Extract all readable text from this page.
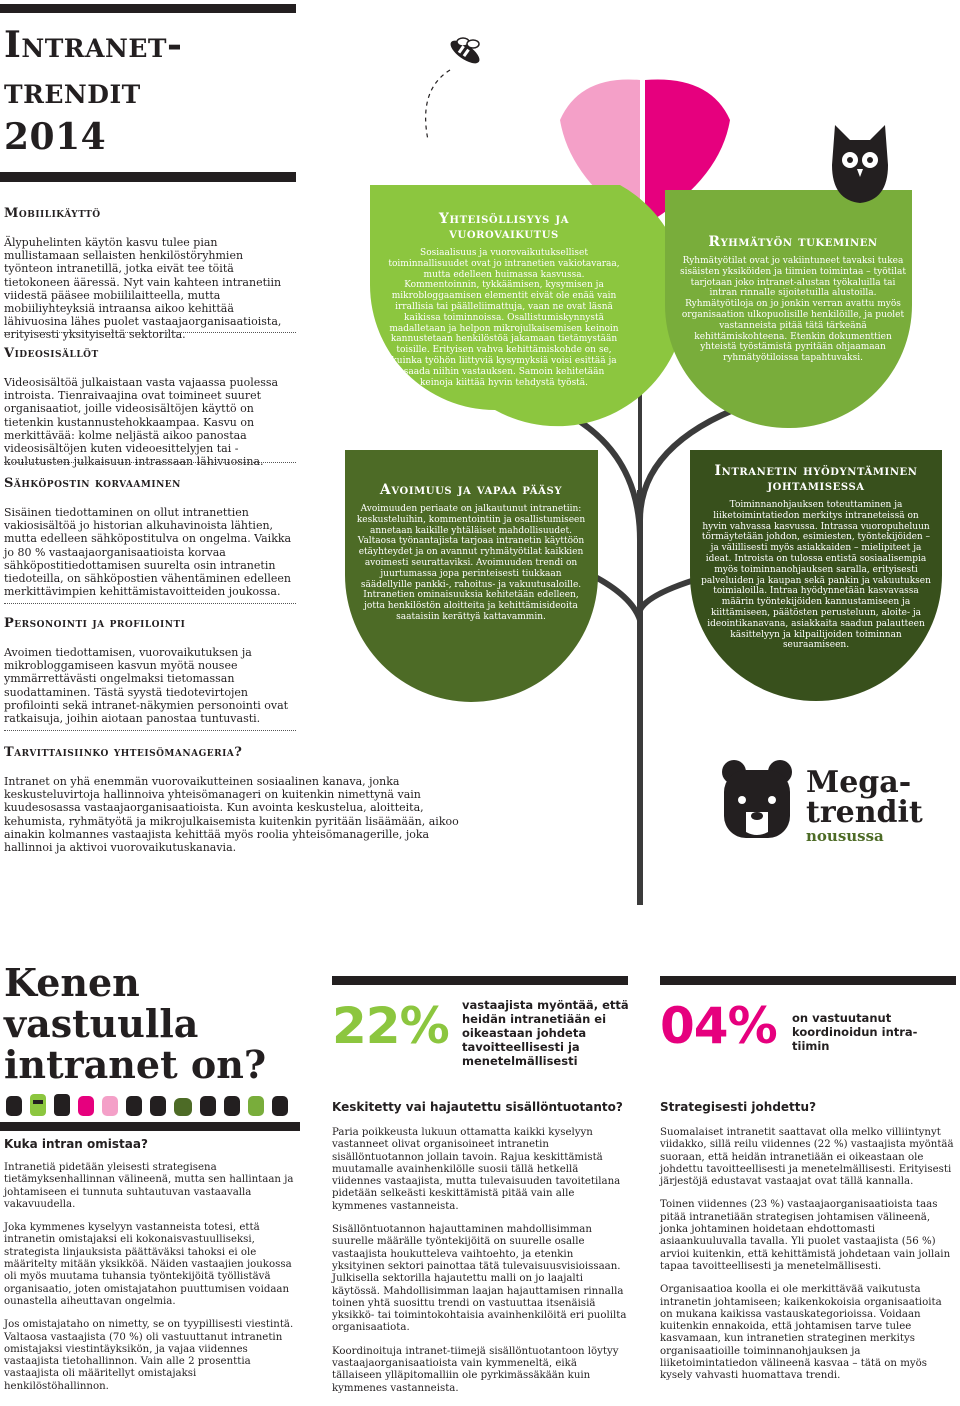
Intranet-
trendit
2014
Mobiilikäyttö
Älypuhelinten käytön kasvu tulee pian mullistamaan sellaisten henkilöstöryhmien työnteon intranetillä, jotka eivät tee töitä tietokoneen ääressä. Nyt vain kahteen intranetiin viidestä pääsee mobiililaitteella, mutta mobiiliyhteyksiä intraansa aikoo kehittää lähivuosina lähes puolet vastaajaorganisaatioista, erityisesti yksityiseltä sektorilta.
Videosisällöt
Videosisältöä julkaistaan vasta vajaassa puolessa introista. Tienraivaajina ovat toimineet suuret organisaatiot, joille videosisältöjen käyttö on tietenkin kustannustehokkaampaa. Kasvu on merkittävää: kolme neljästä aikoo panostaa videosisältöjen kuten videoesittelyjen tai -koulutusten julkaisuun intrassaan lähivuosina.
Sähköpostin korvaaminen
Sisäinen tiedottaminen on ollut intranettien vakiosisältöä jo historian alkuhavinoista lähtien, mutta edelleen sähköpostitulva on ongelma. Vaikka jo 80 % vastaajaorganisaatioista korvaa sähköpostitiedottamisen suurelta osin intranetin tiedoteilla, on sähköpostien vähentäminen edelleen merkittävimpien kehittämistavoitteiden joukossa.
Personointi ja profilointi
Avoimen tiedottamisen, vuorovaikutuksen ja mikrobloggamiseen kasvun myötä nousee ymmärrettävästi ongelmaksi tietomassan suodattaminen. Tästä syystä tiedotevirtojen profilointi sekä intranet-näkymien personointi ovat ratkaisuja, joihin aiotaan panostaa tuntuvasti.
Tarvittaisiinko yhteisömanageria?
Intranet on yhä enemmän vuorovaikutteinen sosiaalinen kanava, jonka keskusteluvirtoja hallinnoiva yhteisömanageri on kuitenkin nimettynä vain kuudesosassa vastaajaorganisaatioista. Kun avointa keskustelua, aloitteita, kehumista, ryhmätyötä ja mikrojulkaisemista kuitenkin pyritään lisäämään, aikoo ainakin kolmannes vastaajista kehittää myös roolia yhteisömanagerille, joka hallinnoi ja aktivoi vuorovaikutuskanavia.
Yhteisöllisyys ja vuorovaikutus
Sosiaalisuus ja vuorovaikutukselliset toiminnallisuudet ovat jo intranetien vakiotavaraa, mutta edelleen huimassa kasvussa. Kommentoinnin, tykkäämisen, kysymisen ja mikrobloggaamisen elementit eivät ole enää vain irrallisia tai päälleliimattuja, vaan ne ovat läsnä kaikissa toiminnoissa. Osallistumiskynnystä madalletaan ja helpon mikrojulkaisemisen keinoin kannustetaan henkilöstöä jakamaan tietämystään toisille. Erityisen vahva kehittämiskohde on se, kuinka työhön liittyviä kysymyksiä voisi esittää ja saada niihin vastauksen. Samoin kehitetään keinoja kiittää hyvin tehdystä työstä.
Ryhmätyön tukeminen
Ryhmätyötilat ovat jo vakiintuneet tavaksi tukea sisäisten yksiköiden ja tiimien toimintaa – työtilat tarjotaan joko intranet-alustan työkaluilla tai intran rinnalle sijoitetuilla alustoilla. Ryhmätyötiloja on jo jonkin verran avattu myös organisaation ulkopuolisille henkilöille, ja puolet vastanneista pitää tätä tärkeänä kehittämiskohteena. Etenkin dokumenttien yhteistä työstämistä pyritään ohjaamaan ryhmätyötiloissa tapahtuvaksi.
Avoimuus ja vapaa pääsy
Avoimuuden periaate on jalkautunut intranetiin: keskusteluihin, kommentointiin ja osallistumiseen annetaan kaikille yhtäläiset mahdollisuudet. Valtaosa työnantajista tarjoaa intranetin käyttöön etäyhteydet ja on avannut ryhmätyötilat kaikkien avoimesti seurattaviksi. Avoimuuden trendi on juurtumassa jopa perinteisesti tiukkaan säädellyille pankki-, rahoitus- ja vakuutusaloille. Intranetien ominaisuuksia kehitetään edelleen, jotta henkilöstön aloitteita ja kehittämisideoita saataisiin kerättyä kattavammin.
Intranetin hyödyntäminen johtamisessa
Toiminnanohjauksen toteuttaminen ja liiketoimintatiedon merkitys intraneteissä on hyvin vahvassa kasvussa. Intrassa vuoropuheluun törmäytetään johdon, esimiesten, työntekijöiden – ja välillisesti myös asiakkaiden – mielipiteet ja ideat. Introista on tulossa entistä sosiaalisempia myös toiminnanohjauksen saralla, erityisesti palveluiden ja kaupan sekä pankin ja vakuutuksen toimialoilla. Intraa hyödynnetään kasvavassa määrin työntekijöiden kannustamiseen ja kiittämiseen, päätösten perusteluun, aloite- ja ideointikanavana, asiakkaita saadun palautteen käsittelyyn ja kilpailijoiden toiminnan seuraamiseen.
Mega-
trendit
nousussa
Kenen
vastuulla
intranet on?
Kuka intran omistaa?

Intranetiä pidetään yleisesti strategisena tietämyksenhallinnan välineenä, mutta sen hallintaan ja johtamiseen ei tunnuta suhtautuvan vastaavalla vakavuudella.

Joka kymmenes kyselyyn vastanneista totesi, että intranetin omistajaksi eli kokonaisvastuulliseksi, strategista linjauksista päättäväksi tahoksi ei ole määritelty mitään yksikköä. Näiden vastaajien joukossa oli myös muutama tuhansia työntekijöitä työllistävä organisaatio, joten omistajatahon puuttumisen voidaan ounastella aiheuttavan ongelmia.

Jos omistajataho on nimetty, se on tyypillisesti viestintä. Valtaosa vastaajista (70 %) oli vastuuttanut intranetin omistajaksi viestintäyksikön, ja vajaa viidennes vastaajista tietohallinnon. Vain alle 2 prosenttia vastaajista oli määritellyt omistajaksi henkilöstöhallinnon.

22% vastaajista myöntää, että heidän intranetiään ei oikeastaan johdeta tavoitteellisesti ja menetelmällisesti
04% on vastuutanut koordinoidun intra-tiimin
Keskitetty vai hajautettu sisällöntuotanto?

Paria poikkeusta lukuun ottamatta kaikki kyselyyn vastanneet olivat organisoineet intranetin sisällöntuotannon jollain tavoin. Rajua keskittämistä muutamalle avainhenkilölle suosii tällä hetkellä viidennes vastaajista, mutta tulevaisuuden tavoitetilana pidetään selkeästi keskittämistä pitää vain alle kymmenes vastanneista.

Sisällöntuotannon hajauttaminen mahdollisimman suurelle määrälle työntekijöitä on suurelle osalle vastaajista houkutteleva vaihtoehto, ja etenkin yksityinen sektori painottaa tätä tulevaisuusvisioissaan. Julkisella sektorilla hajautettu malli on jo laajalti käytössä. Mahdollisimman laajan hajauttamisen rinnalla toinen yhtä suosittu trendi on vastuuttaa itsenäisiä yksikkö- tai toimintokohtaisia avainhenkilöitä eri puolilta organisaatiota.

Koordinoituja intranet-tiimejä sisällöntuotantoon löytyy vastaajaorganisaatioista vain kymmeneltä, eikä tällaiseen ylläpitomalliin ole pyrkimässäkään kuin kymmenes vastanneista.

Strategisesti johdettu?

Suomalaiset intranetit saattavat olla melko villiintynyt viidakko, sillä reilu viidennes (22 %) vastaajista myöntää suoraan, että heidän intranetiään ei oikeastaan ole johdettu tavoitteellisesti ja menetelmällisesti. Erityisesti järjestöjä edustavat vastaajat ovat tällä kannalla.

Toinen viidennes (23 %) vastaajaorganisaatioista taas pitää intranetiään strategisen johtamisen välineenä, jonka johtaminen hoidetaan ehdottomasti asiaankuuluvalla tavalla. Yli puolet vastaajista (56 %) arvioi kuitenkin, että kehittämistä johdetaan vain jollain tapaa tavoitteellisesti ja menetelmällisesti.

Organisaatioa koolla ei ole merkittävää vaikutusta intranetin johtamiseen; kaikenkokoisia organisaatioita on mukana kaikissa vastauskategorioissa. Voidaan kuitenkin ennakoida, että johtamisen tarve tulee kasvamaan, kun intranetien strateginen merkitys organisaatioille toiminnanohjauksen ja liiketoimintatiedon välineenä kasvaa – tätä on myös kysely vahvasti huomattava trendi.
